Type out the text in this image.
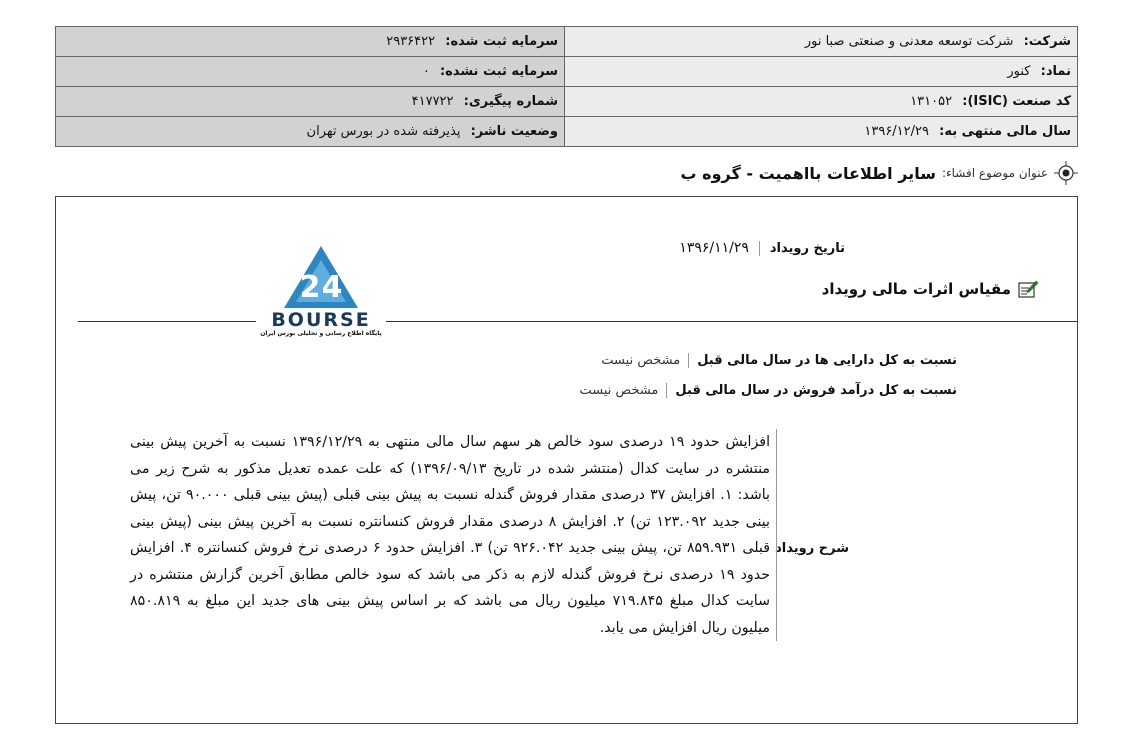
شرکت: شرکت توسعه معدنی و صنعتی صبا نور	سرمایه ثبت شده: ۲۹۳۶۴۲۲
نماد: کنور	سرمایه ثبت نشده: ۰
کد صنعت (ISIC): ۱۳۱۰۵۲	شماره پیگیری: ۴۱۷۷۲۲
سال مالی منتهی به: ۱۳۹۶/۱۲/۲۹	وضعیت ناشر: پذیرفته شده در بورس تهران
عنوان موضوع افشاء:
سایر اطلاعات بااهمیت - گروه ب
2 4
BOURSE
پایگاه اطلاع رسانی و تحلیلی بورس ایران
تاریخ رویداد
۱۳۹۶/۱۱/۲۹
مقیاس اثرات مالی رویداد
نسبت به کل دارایی ها در سال مالی قبل
مشخص نیست
نسبت به کل درآمد فروش در سال مالی قبل
مشخص نیست
شرح رویداد
افزایش حدود ۱۹ درصدی سود خالص هر سهم سال مالی منتهی به ۱۳۹۶/۱۲/۲۹ نسبت به آخرین پیش بینی منتشره در سایت کدال (منتشر شده در تاریخ ۱۳۹۶/۰۹/۱۳) که علت عمده تعدیل مذکور به شرح زیر می باشد: ۱. افزایش ۳۷ درصدی مقدار فروش گندله نسبت به پیش بینی قبلی (پیش بینی قبلی ۹۰.۰۰۰ تن، پیش بینی جدید ۱۲۳.۰۹۲ تن) ۲. افزایش ۸ درصدی مقدار فروش کنسانتره نسبت به آخرین پیش بینی (پیش بینی قبلی ۸۵۹.۹۳۱ تن، پیش بینی جدید ۹۲۶.۰۴۲ تن) ۳. افزایش حدود ۶ درصدی نرخ فروش کنسانتره ۴. افزایش حدود ۱۹ درصدی نرخ فروش گندله لازم به ذکر می باشد که سود خالص مطابق آخرین گزارش منتشره در سایت کدال مبلغ ۷۱۹.۸۴۵ میلیون ریال می باشد که بر اساس پیش بینی های جدید این مبلغ به ۸۵۰.۸۱۹ میلیون ریال افزایش می یابد.
